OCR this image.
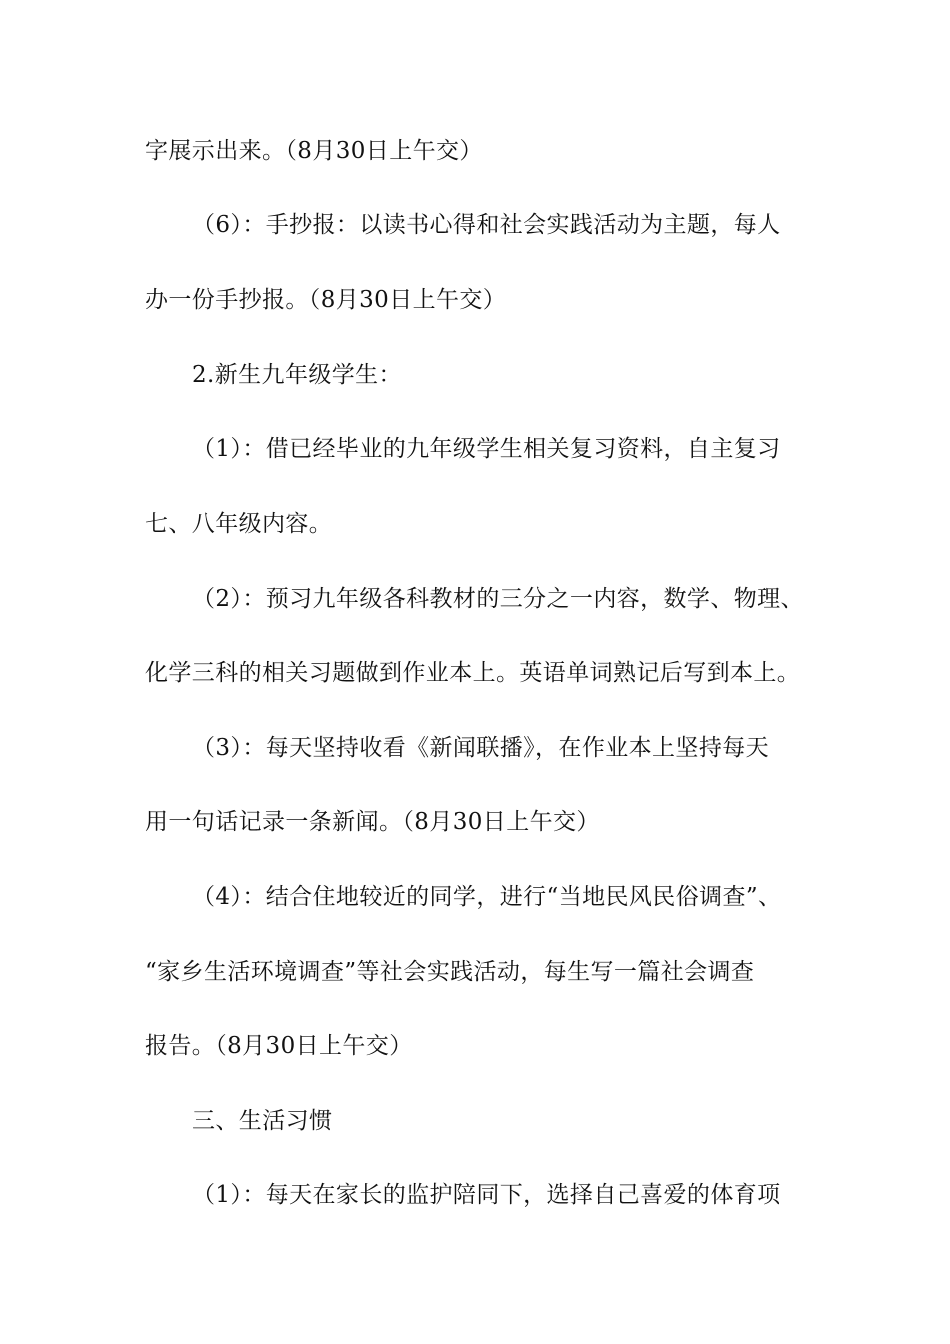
字展示出来。（8月30日上午交）
（6）：手抄报：以读书心得和社会实践活动为主题，每人
办一份手抄报。（8月30日上午交）
2.新生九年级学生：
（1）：借已经毕业的九年级学生相关复习资料，自主复习
七、八年级内容。
（2）：预习九年级各科教材的三分之一内容，数学、物理、
化学三科的相关习题做到作业本上。英语单词熟记后写到本上。
（3）：每天坚持收看《新闻联播》，在作业本上坚持每天
用一句话记录一条新闻。（8月30日上午交）
（4）：结合住地较近的同学，进行“当地民风民俗调查”、
“家乡生活环境调查”等社会实践活动，每生写一篇社会调查
报告。（8月30日上午交）
三、生活习惯
（1）：每天在家长的监护陪同下，选择自己喜爱的体育项
